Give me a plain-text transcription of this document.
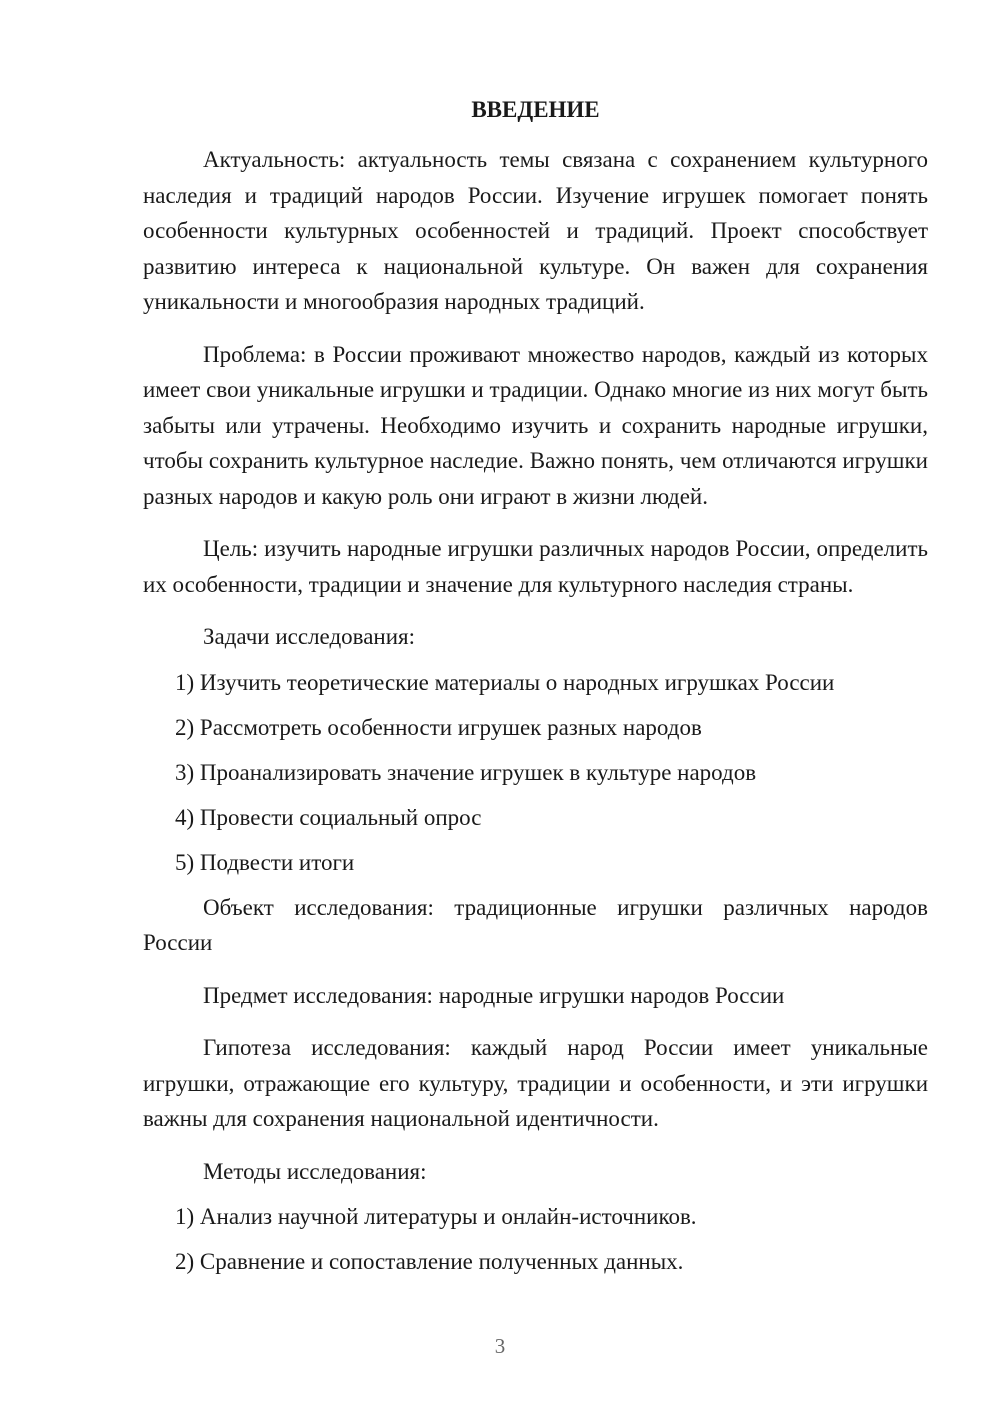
ВВЕДЕНИЕ

Актуальность: актуальность темы связана с сохранением культурного наследия и традиций народов России. Изучение игрушек помогает понять особенности культурных особенностей и традиций. Проект способствует развитию интереса к национальной культуре. Он важен для сохранения уникальности и многообразия народных традиций.

Проблема: в России проживают множество народов, каждый из которых имеет свои уникальные игрушки и традиции. Однако многие из них могут быть забыты или утрачены. Необходимо изучить и сохранить народные игрушки, чтобы сохранить культурное наследие. Важно понять, чем отличаются игрушки разных народов и какую роль они играют в жизни людей.

Цель: изучить народные игрушки различных народов России, определить их особенности, традиции и значение для культурного наследия страны.

Задачи исследования:

1) Изучить теоретические материалы о народных игрушках России
2) Рассмотреть особенности игрушек разных народов
3) Проанализировать значение игрушек в культуре народов
4) Провести социальный опрос
5) Подвести итоги

Объект исследования: традиционные игрушки различных народов России

Предмет исследования: народные игрушки народов России

Гипотеза исследования: каждый народ России имеет уникальные игрушки, отражающие его культуру, традиции и особенности, и эти игрушки важны для сохранения национальной идентичности.

Методы исследования:

1) Анализ научной литературы и онлайн-источников.
2) Сравнение и сопоставление полученных данных.
3
